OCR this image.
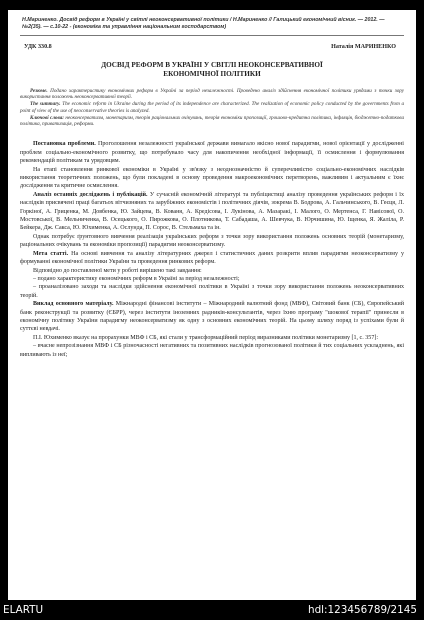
Н.Мариненко. Досвід реформ в Україні у світлі неоконсервативної політики / Н.Мариненко // Галицький економічний вісник. — 2012. — №2(35). — с.10-22 - (економіка та управління національним господарством)
УДК 330.8	Наталія МАРИНЕНКО
ДОСВІД РЕФОРМ В УКРАЇНІ У СВІТЛІ НЕОКОНСЕРВАТИВНОЇ
ЕКОНОМІЧНОЇ ПОЛІТИКИ

Резюме. Подано характеристику економічних реформ в Україні за період незалежності. Проведено аналіз здійснення економічної політики урядами з точки зору використання положень неоконсервативної теорії.

The summary. The economic reform in Ukraine during the period of its independence are characterized. The realization of economic policy conducted by the governments from a point of view of the use of neoconservative theories is analyzed.

Ключові слова: неоконсерватизм, монетаризм, теорія раціональних очікувань, теорія економіки пропозиції, грошово-кредитна політика, інфляція, бюджетно-податкова політика, приватизація, реформи.

Постановка проблеми. Проголошення незалежності української держави вимагало якісно нової парадигми, нової орієнтації у дослідженні проблем соціально-економічного розвитку, що потребувало часу для накопичення необхідної інформації, її осмислення і формулювання рекомендацій політикам та урядовцям.

На етапі становлення ринкової економіки в Україні у зв'язку з неоднозначністю й суперечливістю соціально-економічних наслідків використання теоретичних положень, що були покладені в основу проведення макроекономічних перетворень, важливим і актуальним є їхнє дослідження та критичне осмислення.

Аналіз останніх досліджень і публікацій. У сучасній економічній літературі та публіцистиці аналізу проведення українських реформ і їх наслідків присвячені праці багатьох вітчизняних та зарубіжних економістів і політичних діячів, зокрема В. Бодрова, А. Гальчинського, В. Геєця, Л. Горкіної, А. Гриценка, М. Довбенка, Ю. Зайцева, В. Кованя, А. Кредісова, І. Лукінова, А. Мазаракі, І. Малого, О. Мертенса, Г. Навісової, О. Мостовської, В. Мельниченка, В. Осецького, О. Пирожкова, О. Плотникова, Т. Сабадаша, А. Шевчука, В. Юрчишина, Ю. Іщенка, Я. Жаліла, Р. Бейкера, Дж. Сакса, Ю. Юхименка, А. Ослунда, П. Сорос, В. Стельмаха та ін.

Однак потребує ґрунтовного вивчення реалізація українських реформ з точки зору використання положень основних теорій (монетаризму, раціональних очікувань та економіки пропозиції) парадигми неоконсерватизму.

Мета статті. На основі вивчення та аналізу літературних джерел і статистичних даних розкрити вплив парадигми неоконсерватизму у формуванні економічної політики України та проведення ринкових реформ.

Відповідно до поставленої мети у роботі вирішено такі завдання:

– подано характеристику економічних реформ в Україні за період незалежності;

– проаналізовано заходи та наслідки здійснення економічної політики в Україні з точки зору використання положень неоконсервативних теорій.

Виклад основного матеріалу. Міжнародні фінансові інститути – Міжнародний валютний фонд (МВФ), Світовий банк (СБ), Європейський банк реконструкції та розвитку (ЄБРР), через інститути іноземних радників-консультантів, через їхню програму "шокової терапії" принесли в економічну політику України парадигму неоконсерватизму як одну з основних економічних теорій. На цьому шляху поряд із успіхами були й суттєві невдачі.

П.І. Юхименко вказує на прорахунки МВФ і СБ, які стали у трансформаційний період виразниками політики монетаризму [1, с. 357]:

– вчасне непрозізнання МВФ і СБ різночасності негативних та позитивних наслідків прогнозованої політики й тих соціальних ускладнень, які випливають із неї;

ELARTU	hdl:123456789/2145
